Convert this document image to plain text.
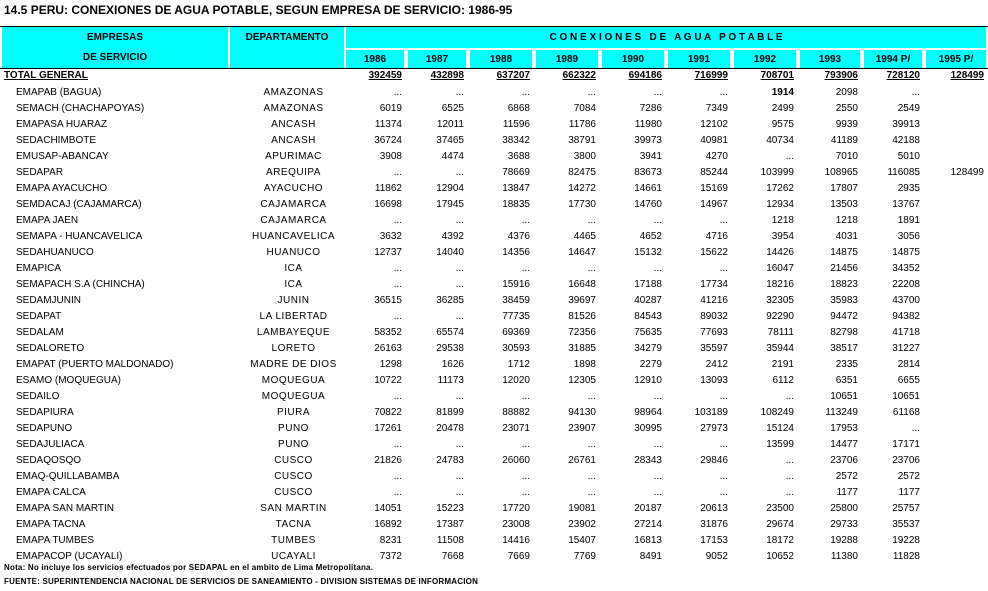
14.5 PERU: CONEXIONES DE AGUA POTABLE, SEGUN EMPRESA DE SERVICIO: 1986-95
EMPRESAS
DE SERVICIO
DEPARTAMENTO	C O N E X I O N E S   D E   A G U A   P O T A B L E
1986	1987	1988	1989	1990	1991	1992	1993	1994 P/	1995 P/
TOTAL GENERAL	392459	432898	637207	662322	694186	716999	708701	793906	728120	128499
EMAPAB (BAGUA)	AMAZONAS	...	...	...	...	...	...	1914	2098	...
SEMACH (CHACHAPOYAS)	AMAZONAS	6019	6525	6868	7084	7286	7349	2499	2550	2549
EMAPASA HUARAZ	ANCASH	11374	12011	11596	11786	11980	12102	9575	9939	39913
SEDACHIMBOTE	ANCASH	36724	37465	38342	38791	39973	40981	40734	41189	42188
EMUSAP-ABANCAY	APURIMAC	3908	4474	3688	3800	3941	4270	...	7010	5010
SEDAPAR	AREQUIPA	...	...	78669	82475	83673	85244	103999	108965	116085	128499
EMAPA AYACUCHO	AYACUCHO	11862	12904	13847	14272	14661	15169	17262	17807	2935
SEMDACAJ (CAJAMARCA)	CAJAMARCA	16698	17945	18835	17730	14760	14967	12934	13503	13767
EMAPA JAEN	CAJAMARCA	...	...	...	...	...	...	1218	1218	1891
SEMAPA - HUANCAVELICA	HUANCAVELICA	3632	4392	4376	4465	4652	4716	3954	4031	3056
SEDAHUANUCO	HUANUCO	12737	14040	14356	14647	15132	15622	14426	14875	14875
EMAPICA	ICA	...	...	...	...	...	...	16047	21456	34352
SEMAPACH S.A (CHINCHA)	ICA	...	...	15916	16648	17188	17734	18216	18823	22208
SEDAMJUNIN	JUNIN	36515	36285	38459	39697	40287	41216	32305	35983	43700
SEDAPAT	LA LIBERTAD	...	...	77735	81526	84543	89032	92290	94472	94382
SEDALAM	LAMBAYEQUE	58352	65574	69369	72356	75635	77693	78111	82798	41718
SEDALORETO	LORETO	26163	29538	30593	31885	34279	35597	35944	38517	31227
EMAPAT (PUERTO MALDONADO)	MADRE DE DIOS	1298	1626	1712	1898	2279	2412	2191	2335	2814
ESAMO (MOQUEGUA)	MOQUEGUA	10722	11173	12020	12305	12910	13093	6112	6351	6655
SEDAILO	MOQUEGUA	...	...	...	...	...	...	...	10651	10651
SEDAPIURA	PIURA	70822	81899	88882	94130	98964	103189	108249	113249	61168
SEDAPUNO	PUNO	17261	20478	23071	23907	30995	27973	15124	17953	...
SEDAJULIACA	PUNO	...	...	...	...	...	...	13599	14477	17171
SEDAQOSQO	CUSCO	21826	24783	26060	26761	28343	29846	...	23706	23706
EMAQ-QUILLABAMBA	CUSCO	...	...	...	...	...	...	...	2572	2572
EMAPA CALCA	CUSCO	...	...	...	...	...	...	...	1177	1177
EMAPA SAN MARTIN	SAN MARTIN	14051	15223	17720	19081	20187	20613	23500	25800	25757
EMAPA TACNA	TACNA	16892	17387	23008	23902	27214	31876	29674	29733	35537
EMAPA TUMBES	TUMBES	8231	11508	14416	15407	16813	17153	18172	19288	19228
EMAPACOP (UCAYALI)	UCAYALI	7372	7668	7669	7769	8491	9052	10652	11380	11828
Nota: No incluye los servicios efectuados por SEDAPAL en el ambito de Lima Metropolitana.
FUENTE: SUPERINTENDENCIA NACIONAL DE SERVICIOS DE SANEAMIENTO - DIVISION SISTEMAS DE INFORMACION
